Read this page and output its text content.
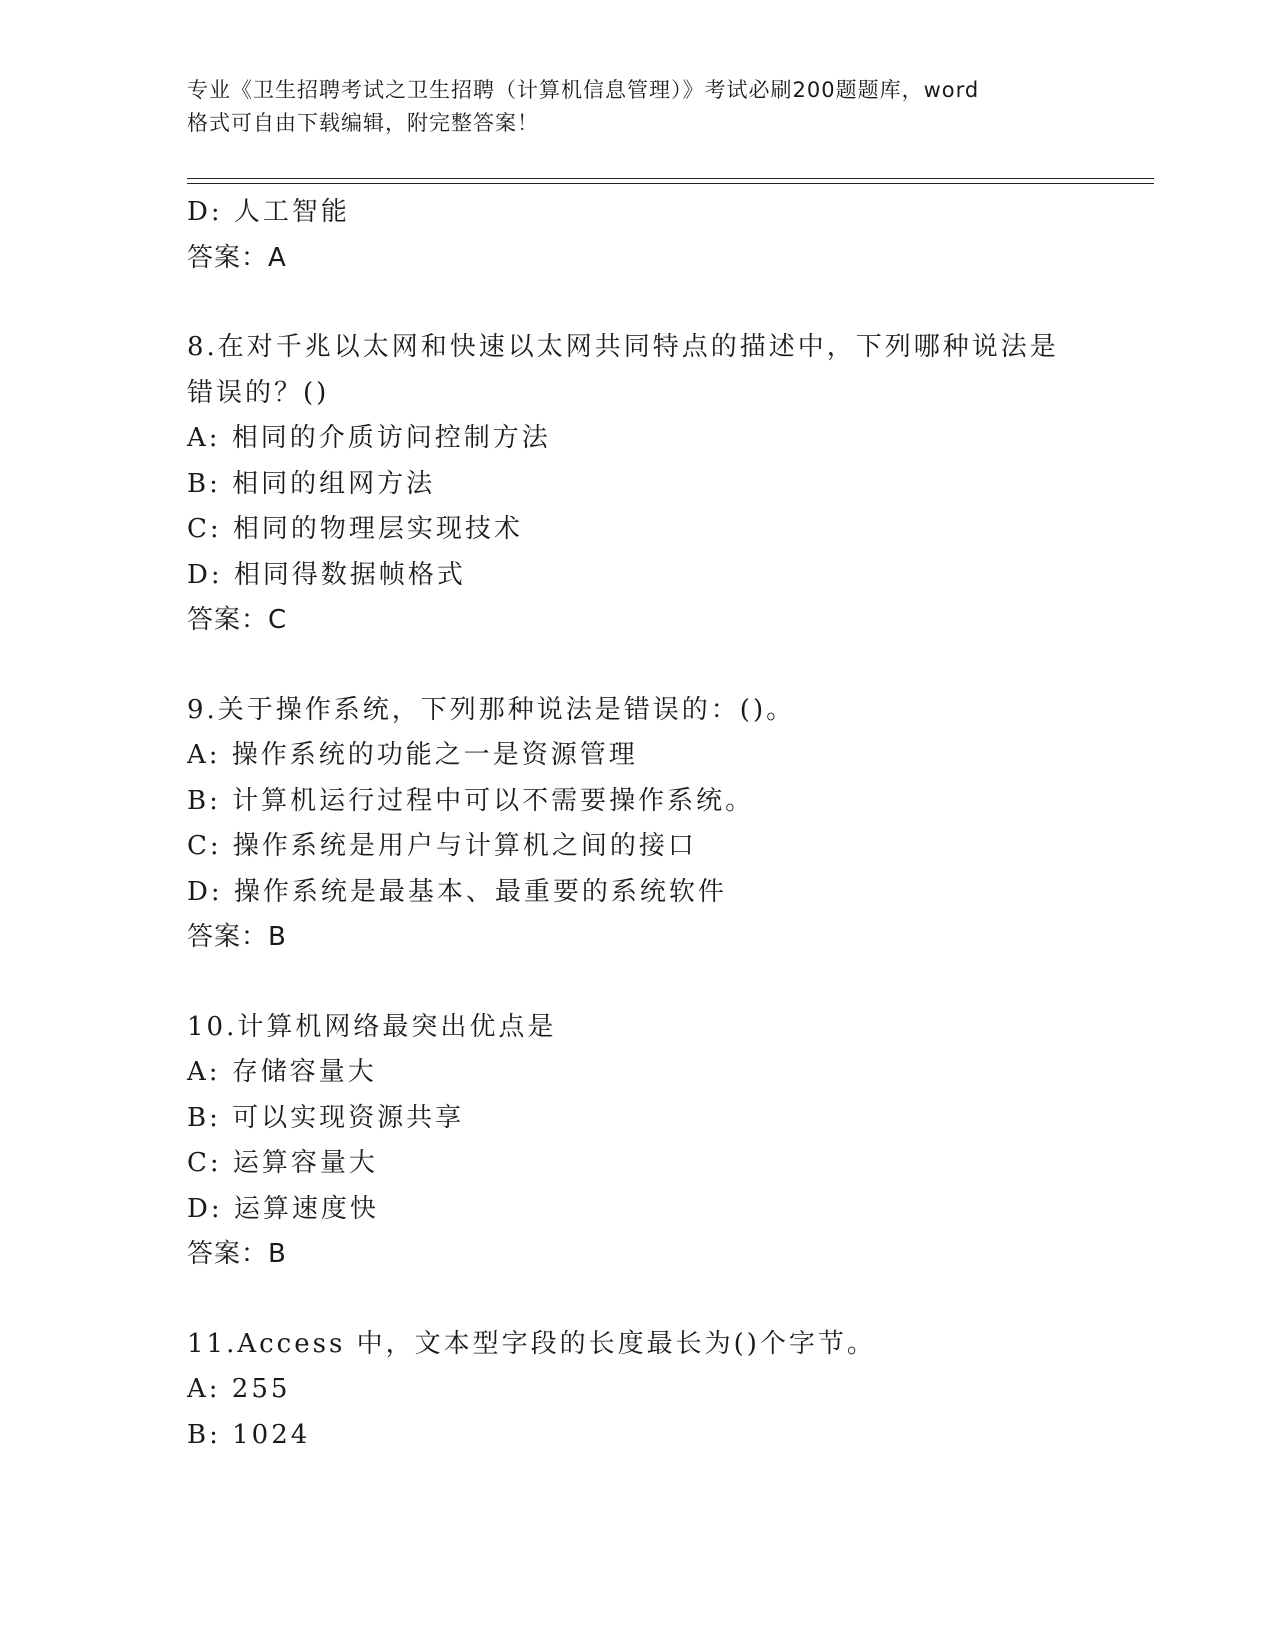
专业《卫生招聘考试之卫生招聘（计算机信息管理）》考试必刷200题题库，word
格式可自由下载编辑，附完整答案！
D: 人工智能
答案：A
8.在对千兆以太网和快速以太网共同特点的描述中，下列哪种说法是
错误的？()
A: 相同的介质访问控制方法
B: 相同的组网方法
C: 相同的物理层实现技术
D: 相同得数据帧格式
答案：C
9.关于操作系统，下列那种说法是错误的：()。
A: 操作系统的功能之一是资源管理
B: 计算机运行过程中可以不需要操作系统。
C: 操作系统是用户与计算机之间的接口
D: 操作系统是最基本、最重要的系统软件
答案：B
10.计算机网络最突出优点是
A: 存储容量大
B: 可以实现资源共享
C: 运算容量大
D: 运算速度快
答案：B
11.Access 中，文本型字段的长度最长为()个字节。
A: 255
B: 1024
